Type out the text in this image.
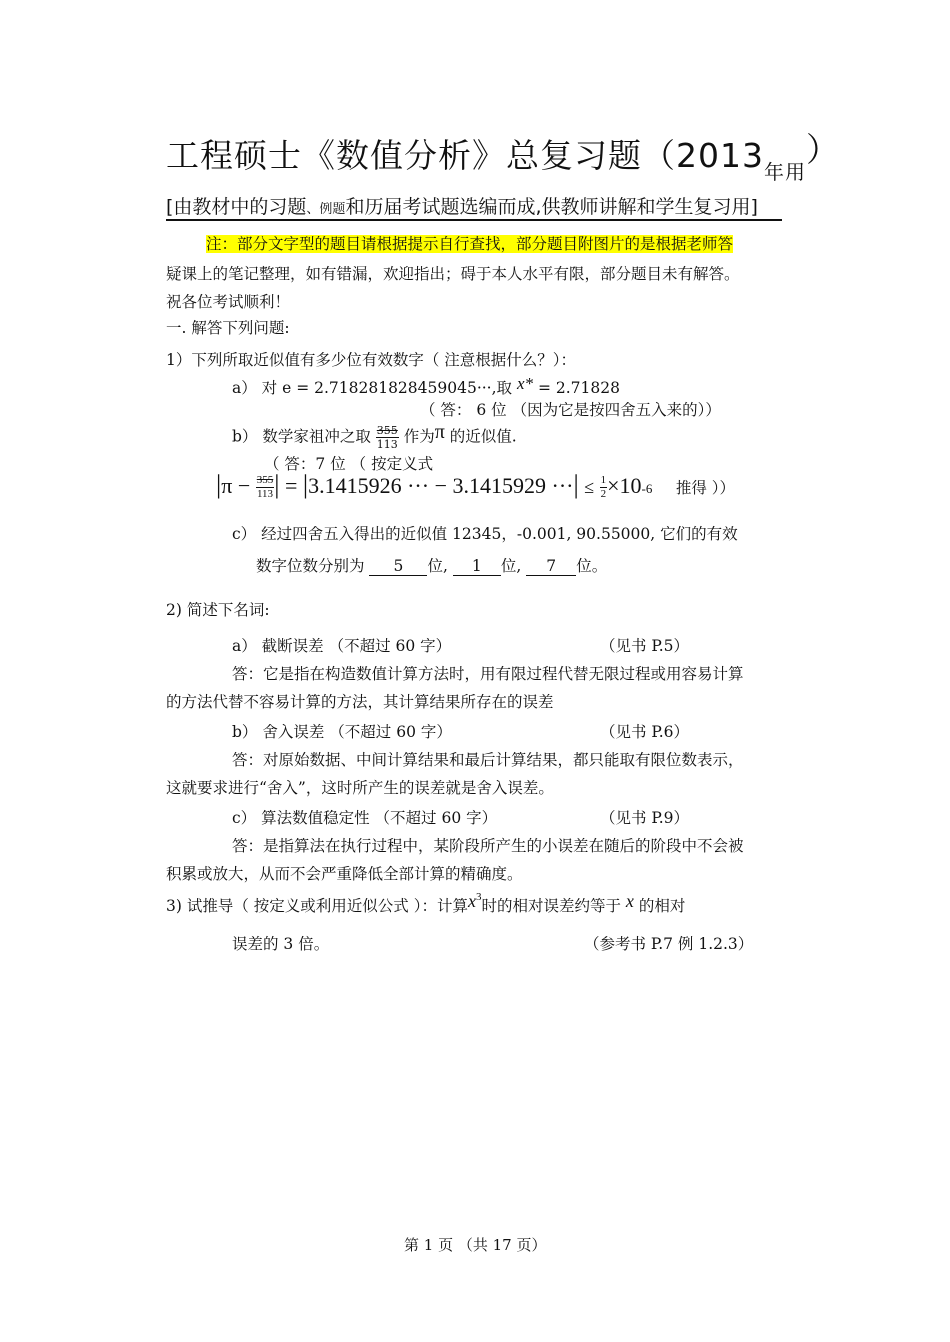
工程硕士《数值分析》总复习题$(2013_{年用})$
[由教材中的习题、例题和历届考试题选编而成,供教师讲解和学生复习用]
注：部分文字型的题目请根据提示自行查找，部分题目附图片的是根据老师答
疑课上的笔记整理，如有错漏，欢迎指出；碍于本人水平有限，部分题目未有解答。
祝各位考试顺利！
一. 解答下列问题:
1）下列所取近似值有多少位有效数字（ 注意根据什么？）：
a） 对 e = 2.718281828459045···,取 x* = 2.71828
（ 答： 6 位 （因为它是按四舍五入来的））
b） 数学家祖冲之取 $\frac{355}{113}$ 作为π 的近似值.
（ 答：7 位 （ 按定义式
$|\pi - \frac{355}{113}$ | = |3.1415926 ··· − 3.1415929 ···| ≤ $\frac{1}{2} \times 10-6$ 推得 ））
c） 经过四舍五入得出的近似值 12345，-0.001, 90.55000, 它们的有效
数字位数分别为 5 位, 1 位, 7 位。
2) 简述下名词:
a） 截断误差 （不超过 60 字）	（见书 P.5）
答：它是指在构造数值计算方法时，用有限过程代替无限过程或用容易计算
的方法代替不容易计算的方法，其计算结果所存在的误差
b） 舍入误差 （不超过 60 字）	（见书 P.6）
答：对原始数据、中间计算结果和最后计算结果，都只能取有限位数表示，
这就要求进行“舍入”，这时所产生的误差就是舍入误差。
c） 算法数值稳定性 （不超过 60 字）	（见书 P.9）
答：是指算法在执行过程中，某阶段所产生的小误差在随后的阶段中不会被
积累或放大，从而不会严重降低全部计算的精确度。
3) 试推导（ 按定义或利用近似公式 ）：计算$x^3$时的相对误差约等于 x 的相对
误差的 3 倍。	（参考书 P.7 例 1.2.3）
第 1 页 （共 17 页）
